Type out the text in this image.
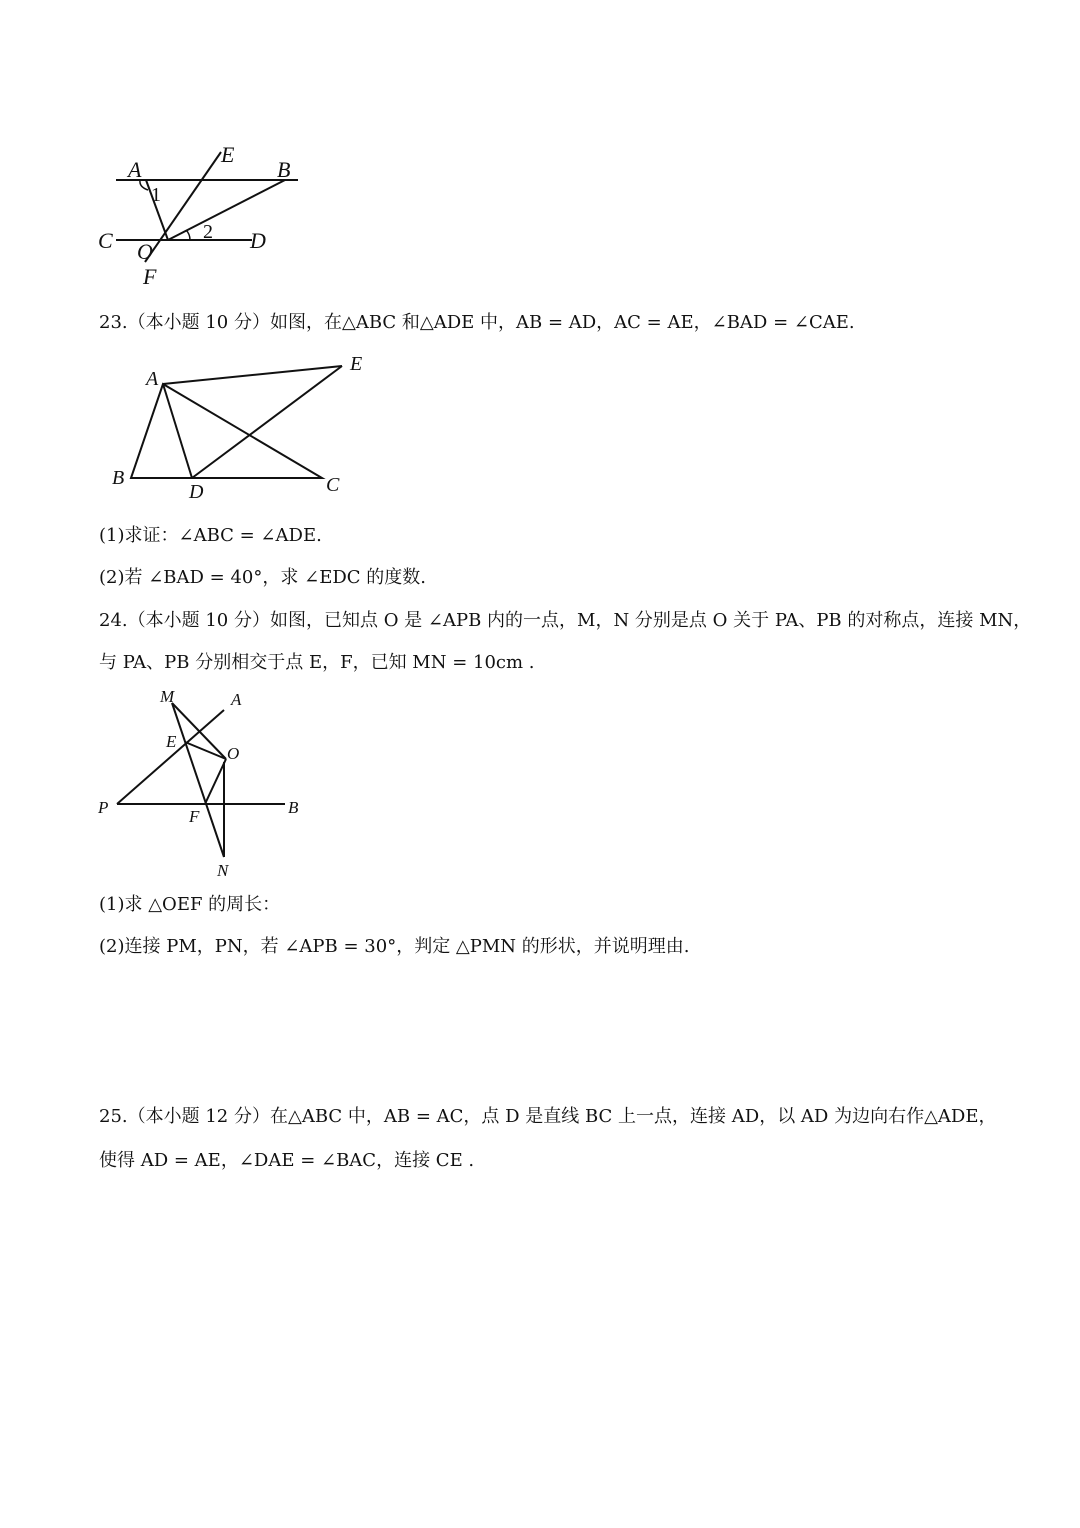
A
E
B
1
2
C O	D
F
23.（本小题 10 分）如图，在△ABC 和△ADE 中，AB = AD，AC = AE，∠BAD = ∠CAE.
A
E
B
D	C
(1)求证：∠ABC = ∠ADE.
(2)若 ∠BAD = 40°，求 ∠EDC 的度数.
24.（本小题 10 分）如图，已知点 O 是 ∠APB 内的一点，M，N 分别是点 O 关于 PA、PB 的对称点，连接 MN，
与 PA、PB 分别相交于点 E，F，已知 MN = 10cm .
M	A
E
O
P	F	B
N
(1)求 △OEF 的周长：
(2)连接 PM，PN，若 ∠APB = 30°，判定 △PMN 的形状，并说明理由.
25.（本小题 12 分）在△ABC 中，AB = AC，点 D 是直线 BC 上一点，连接 AD，以 AD 为边向右作△ADE，
使得 AD = AE，∠DAE = ∠BAC，连接 CE .
